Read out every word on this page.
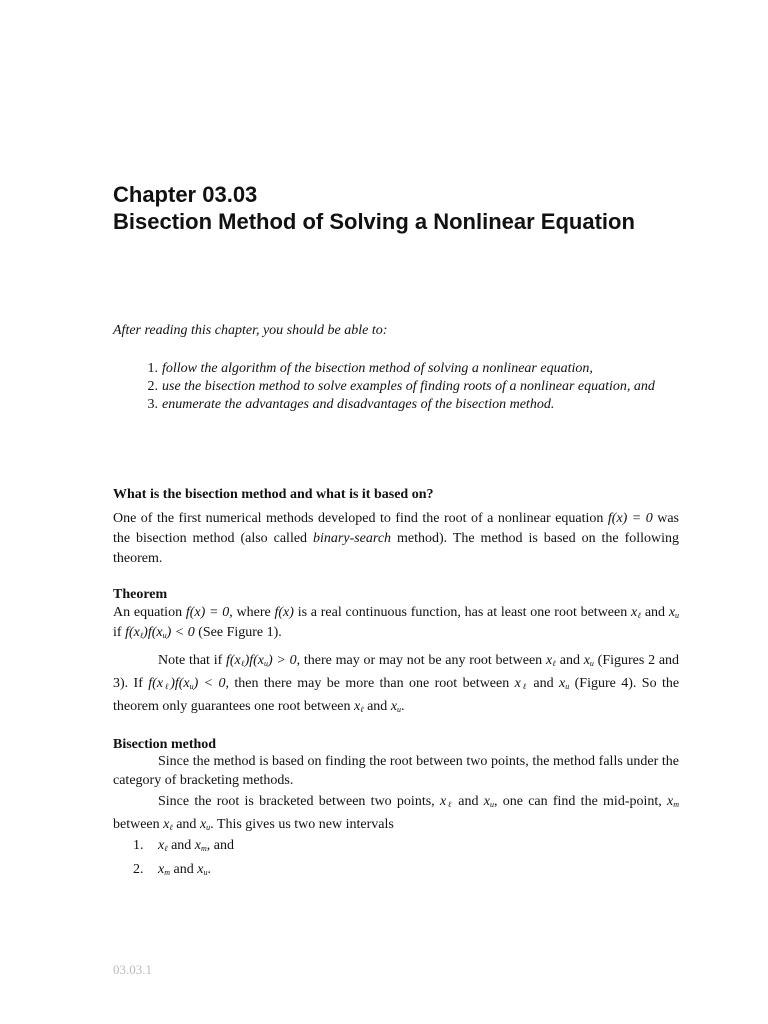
Chapter 03.03
Bisection Method of Solving a Nonlinear Equation
After reading this chapter, you should be able to:
1. follow the algorithm of the bisection method of solving a nonlinear equation,
2. use the bisection method to solve examples of finding roots of a nonlinear equation, and
3. enumerate the advantages and disadvantages of the bisection method.
What is the bisection method and what is it based on?
One of the first numerical methods developed to find the root of a nonlinear equation f(x) = 0 was the bisection method (also called binary-search method). The method is based on the following theorem.
Theorem
An equation f(x) = 0, where f(x) is a real continuous function, has at least one root between $x_\ell$ and $x_u$ if $f(x_\ell)f(x_u) < 0$ (See Figure 1).
Note that if $f(x_\ell)f(x_u) > 0$, there may or may not be any root between $x_\ell$ and $x_u$ (Figures 2 and 3). If $f(x_\ell)f(x_u) < 0$, then there may be more than one root between $x_\ell$ and $x_u$ (Figure 4). So the theorem only guarantees one root between $x_\ell$ and $x_u$.
Bisection method
Since the method is based on finding the root between two points, the method falls under the category of bracketing methods.
Since the root is bracketed between two points, $x_\ell$ and $x_u$, one can find the mid-point, $x_m$ between $x_\ell$ and $x_u$. This gives us two new intervals
1.	$x_\ell$ and $x_m$, and
2.	$x_m$ and $x_u$.
03.03.1
